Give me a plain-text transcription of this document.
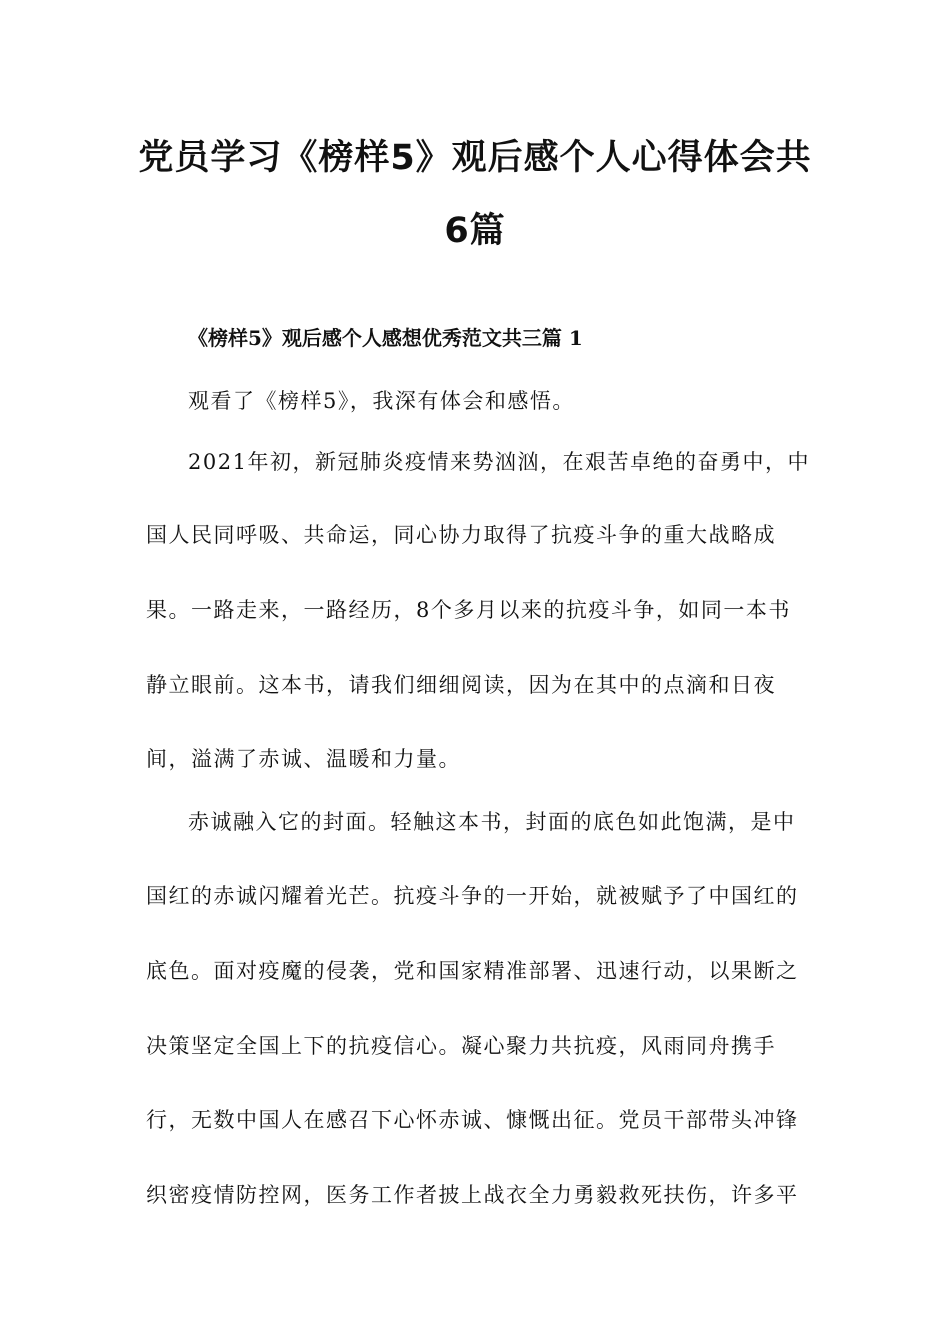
党员学习《榜样5》观后感个人心得体会共
6篇
《榜样5》观后感个人感想优秀范文共三篇 1
观看了《榜样5》，我深有体会和感悟。
2021年初，新冠肺炎疫情来势汹汹，在艰苦卓绝的奋勇中，中
国人民同呼吸、共命运，同心协力取得了抗疫斗争的重大战略成
果。一路走来，一路经历，8个多月以来的抗疫斗争，如同一本书
静立眼前。这本书，请我们细细阅读，因为在其中的点滴和日夜
间，溢满了赤诚、温暖和力量。
赤诚融入它的封面。轻触这本书，封面的底色如此饱满，是中
国红的赤诚闪耀着光芒。抗疫斗争的一开始，就被赋予了中国红的
底色。面对疫魔的侵袭，党和国家精准部署、迅速行动，以果断之
决策坚定全国上下的抗疫信心。凝心聚力共抗疫，风雨同舟携手
行，无数中国人在感召下心怀赤诚、慷慨出征。党员干部带头冲锋
织密疫情防控网，医务工作者披上战衣全力勇毅救死扶伤，许多平
